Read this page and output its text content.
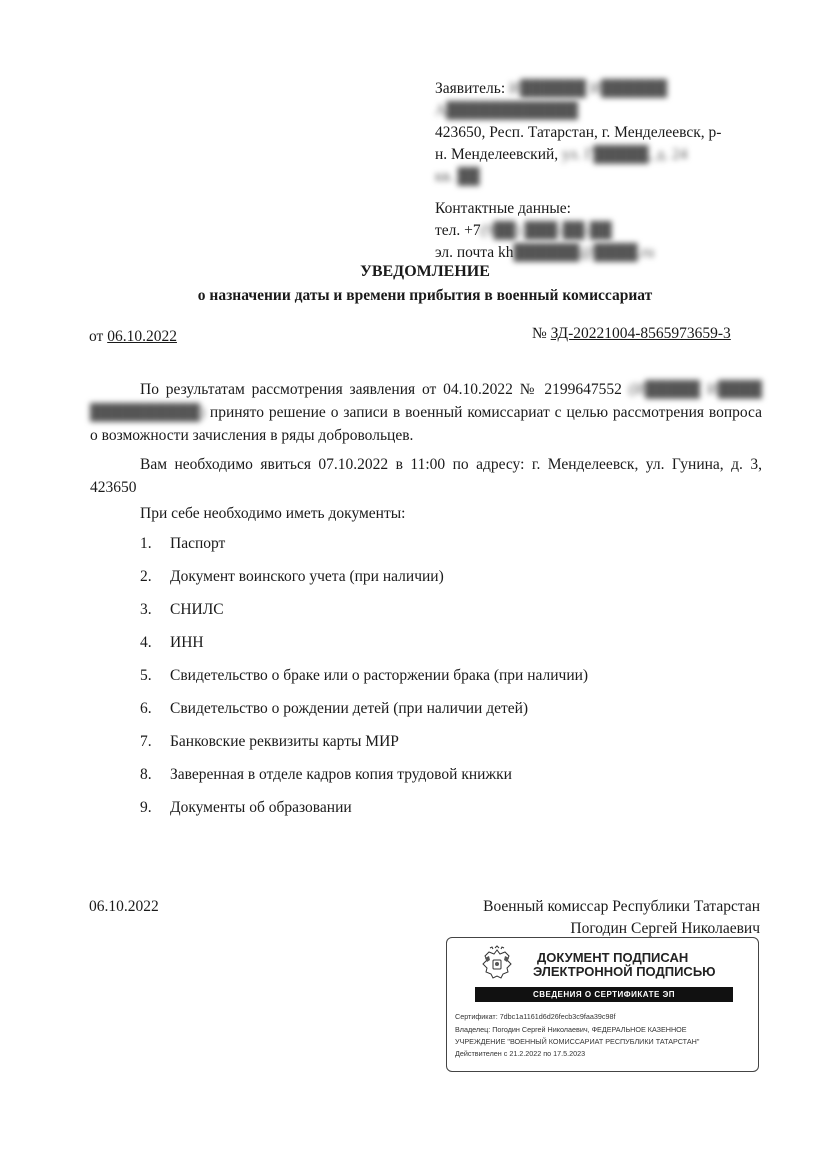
Заявитель: И██████ И██████
А████████████
423650, Респ. Татарстан, г. Менделеевск, р-
н. Менделеевский, ул. Г█████, д. 24
кв. ██
Контактные данные:
тел. +7(9██) ███-██-██
эл. почта kh██████@████.ru
УВЕДОМЛЕНИЕ
о назначении даты и времени прибытия в военный комиссариат
от 06.10.2022	№ ЗД-20221004-8565973659-3
По результатам рассмотрения заявления от 04.10.2022 № 2199647552 (И█████ И████ ██████████) принято решение о записи в военный комиссариат с целью рассмотрения вопроса о возможности зачисления в ряды добровольцев.
Вам необходимо явиться 07.10.2022 в 11:00 по адресу: г. Менделеевск, ул. Гунина, д. 3, 423650
При себе необходимо иметь документы:
1. Паспорт
2. Документ воинского учета (при наличии)
3. СНИЛС
4. ИНН
5. Свидетельство о браке или о расторжении брака (при наличии)
6. Свидетельство о рождении детей (при наличии детей)
7. Банковские реквизиты карты МИР
8. Заверенная в отделе кадров копия трудовой книжки
9. Документы об образовании
06.10.2022	Военный комиссар Республики Татарстан
Погодин Сергей Николаевич
ДОКУМЕНТ ПОДПИСАН
ЭЛЕКТРОННОЙ ПОДПИСЬЮ
СВЕДЕНИЯ О СЕРТИФИКАТЕ ЭП
Сертификат: 7dbc1a1161d6d26fecb3c9faa39c98f
Владелец: Погодин Сергей Николаевич, ФЕДЕРАЛЬНОЕ КАЗЕННОЕ
УЧРЕЖДЕНИЕ "ВОЕННЫЙ КОМИССАРИАТ РЕСПУБЛИКИ ТАТАРСТАН"
Действителен с 21.2.2022 по 17.5.2023
